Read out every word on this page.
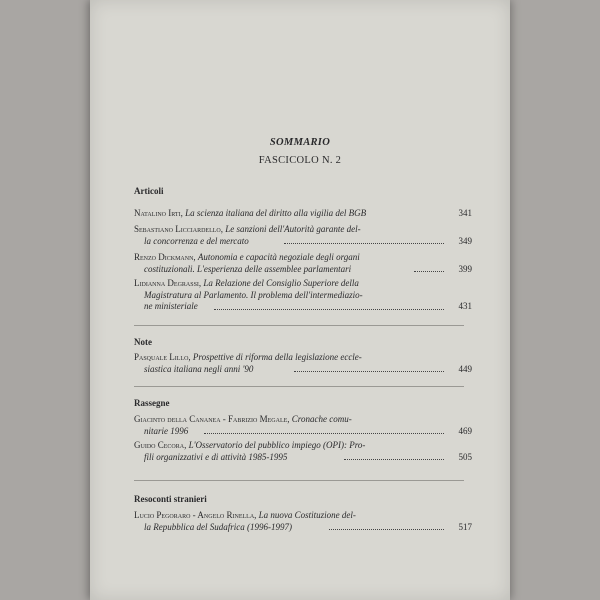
SOMMARIO
FASCICOLO N. 2
Articoli
Natalino Irti, La scienza italiana del diritto alla vigilia del BGB	341
Sebastiano Licciardello, Le sanzioni dell'Autorità garante del-
la concorrenza e del mercato	349
Renzo Dickmann, Autonomia e capacità negoziale degli organi
costituzionali. L'esperienza delle assemblee parlamentari	399
Lidianna Degrassi, La Relazione del Consiglio Superiore della
Magistratura al Parlamento. Il problema dell'intermediazio-
ne ministeriale	431
Note
Pasquale Lillo, Prospettive di riforma della legislazione eccle-
siastica italiana negli anni '90	449
Rassegne
Giacinto della Cananea - Fabrizio Megale, Cronache comu-
nitarie 1996	469
Guido Cecora, L'Osservatorio del pubblico impiego (OPI): Pro-
fili organizzativi e di attività 1985-1995	505
Resoconti stranieri
Lucio Pegoraro - Angelo Rinella, La nuova Costituzione del-
la Repubblica del Sudafrica (1996-1997)	517
